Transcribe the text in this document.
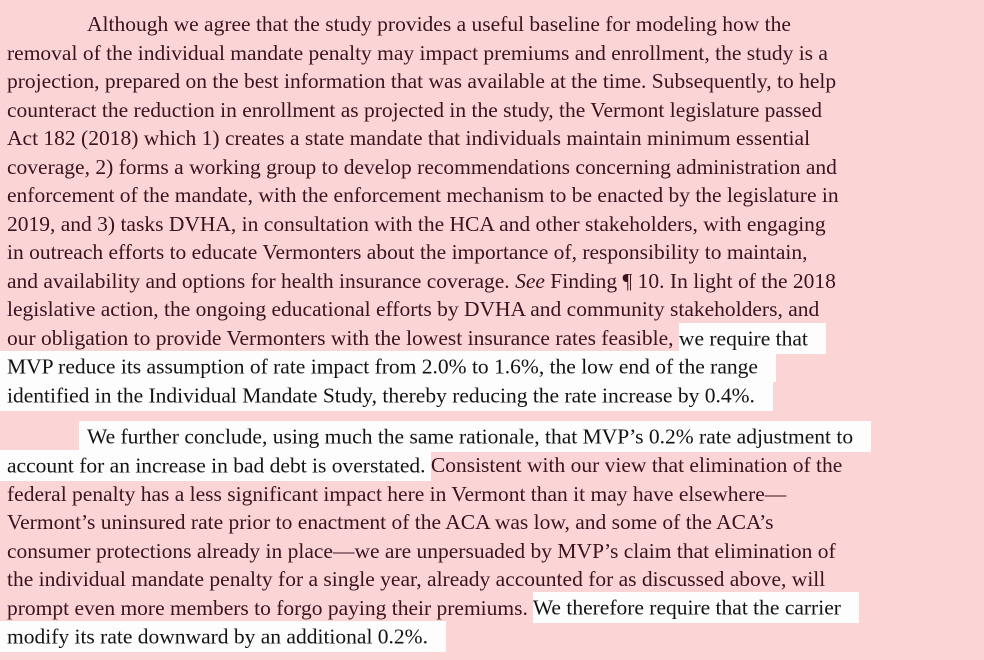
Although we agree that the study provides a useful baseline for modeling how the
removal of the individual mandate penalty may impact premiums and enrollment, the study is a
projection, prepared on the best information that was available at the time. Subsequently, to help
counteract the reduction in enrollment as projected in the study, the Vermont legislature passed
Act 182 (2018) which 1) creates a state mandate that individuals maintain minimum essential
coverage, 2) forms a working group to develop recommendations concerning administration and
enforcement of the mandate, with the enforcement mechanism to be enacted by the legislature in
2019, and 3) tasks DVHA, in consultation with the HCA and other stakeholders, with engaging
in outreach efforts to educate Vermonters about the importance of, responsibility to maintain,
and availability and options for health insurance coverage. See Finding ¶ 10. In light of the 2018
legislative action, the ongoing educational efforts by DVHA and community stakeholders, and
our obligation to provide Vermonters with the lowest insurance rates feasible, we require that
MVP reduce its assumption of rate impact from 2.0% to 1.6%, the low end of the range
identified in the Individual Mandate Study, thereby reducing the rate increase by 0.4%.
We further conclude, using much the same rationale, that MVP’s 0.2% rate adjustment to
account for an increase in bad debt is overstated. Consistent with our view that elimination of the
federal penalty has a less significant impact here in Vermont than it may have elsewhere—
Vermont’s uninsured rate prior to enactment of the ACA was low, and some of the ACA’s
consumer protections already in place—we are unpersuaded by MVP’s claim that elimination of
the individual mandate penalty for a single year, already accounted for as discussed above, will
prompt even more members to forgo paying their premiums. We therefore require that the carrier
modify its rate downward by an additional 0.2%.
